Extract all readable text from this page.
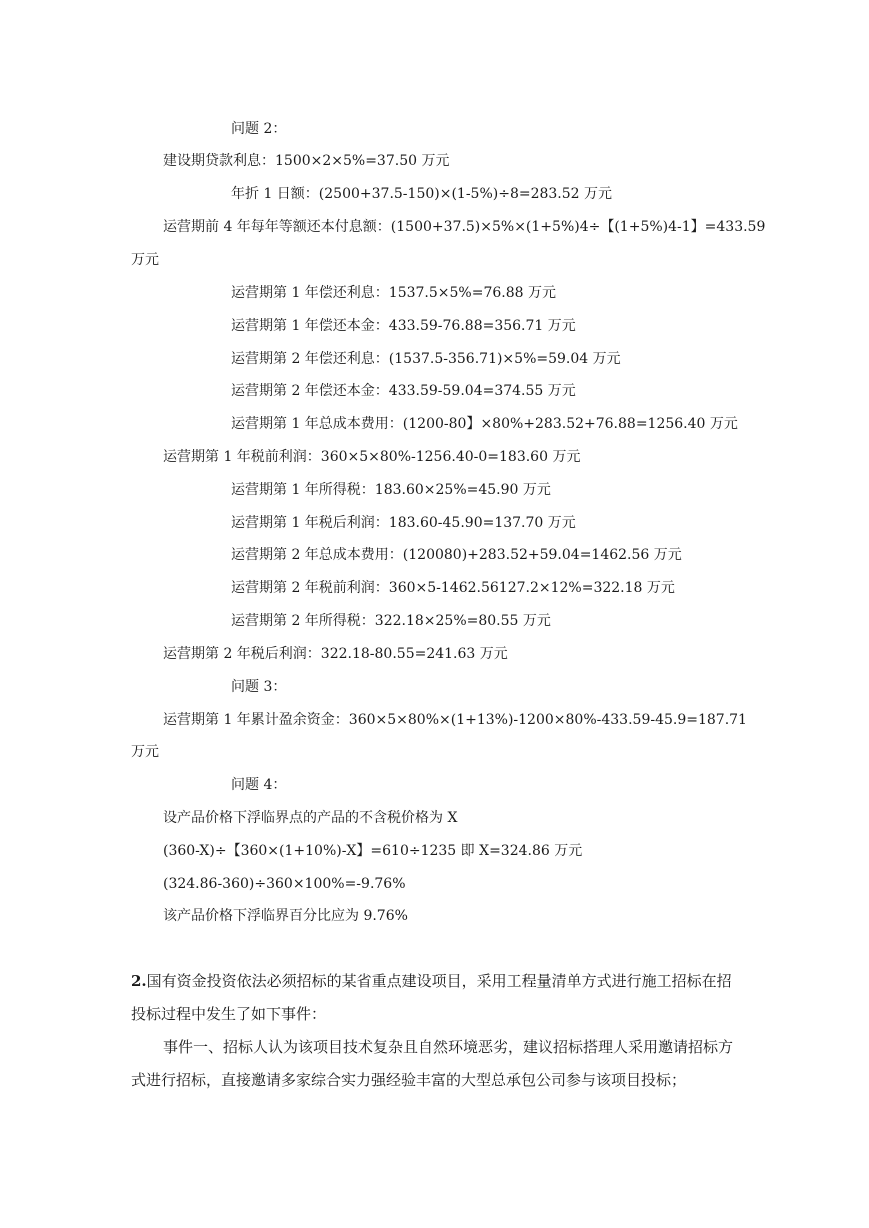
问题 2：
建设期贷款利息：1500×2×5%=37.50 万元
年折 1 日额：(2500+37.5-150)×(1-5%)÷8=283.52 万元
运营期前 4 年每年等额还本付息额：(1500+37.5)×5%×(1+5%)4÷【(1+5%)4-1】=433.59
万元
运营期第 1 年偿还利息：1537.5×5%=76.88 万元
运营期第 1 年偿还本金：433.59-76.88=356.71 万元
运营期第 2 年偿还利息：(1537.5-356.71)×5%=59.04 万元
运营期第 2 年偿还本金：433.59-59.04=374.55 万元
运营期第 1 年总成本费用：(1200-80】×80%+283.52+76.88=1256.40 万元
运营期第 1 年税前利润：360×5×80%-1256.40-0=183.60 万元
运营期第 1 年所得税：183.60×25%=45.90 万元
运营期第 1 年税后利润：183.60-45.90=137.70 万元
运营期第 2 年总成本费用：(120080)+283.52+59.04=1462.56 万元
运营期第 2 年税前利润：360×5-1462.56127.2×12%=322.18 万元
运营期第 2 年所得税：322.18×25%=80.55 万元
运营期第 2 年税后利润：322.18-80.55=241.63 万元
问题 3：
运营期第 1 年累计盈余资金：360×5×80%×(1+13%)-1200×80%-433.59-45.9=187.71
万元
问题 4：
设产品价格下浮临界点的产品的不含税价格为 X
(360-X)÷【360×(1+10%)-X】=610÷1235 即 X=324.86 万元
(324.86-360)÷360×100%=-9.76%
该产品价格下浮临界百分比应为 9.76%
2.国有资金投资依法必须招标的某省重点建设项目，采用工程量清单方式进行施工招标在招
投标过程中发生了如下事件：
事件一、招标人认为该项目技术复杂且自然环境恶劣，建议招标搭理人采用邀请招标方
式进行招标，直接邀请多家综合实力强经验丰富的大型总承包公司参与该项目投标；
